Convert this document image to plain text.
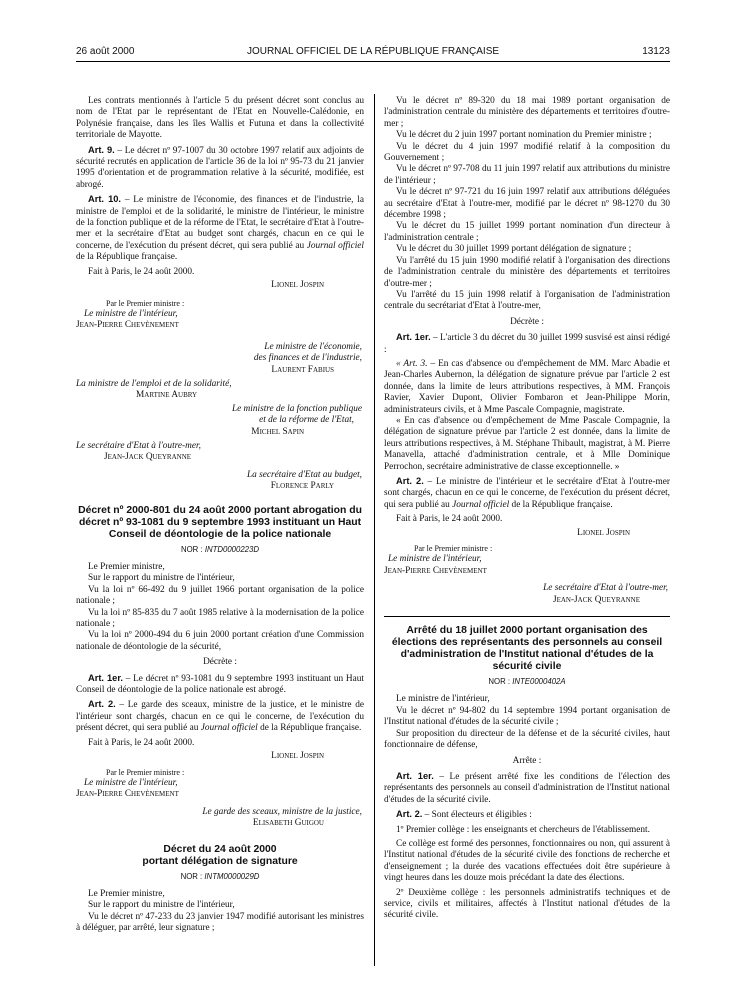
26 août 2000	JOURNAL OFFICIEL DE LA RÉPUBLIQUE FRANÇAISE	13123

Les contrats mentionnés à l'article 5 du présent décret sont conclus au nom de l'Etat par le représentant de l'Etat en Nouvelle-Calédonie, en Polynésie française, dans les îles Wallis et Futuna et dans la collectivité territoriale de Mayotte.

Art. 9. – Le décret nº 97-1007 du 30 octobre 1997 relatif aux adjoints de sécurité recrutés en application de l'article 36 de la loi nº 95-73 du 21 janvier 1995 d'orientation et de programmation relative à la sécurité, modifiée, est abrogé.

Art. 10. – Le ministre de l'économie, des finances et de l'industrie, la ministre de l'emploi et de la solidarité, le ministre de l'intérieur, le ministre de la fonction publique et de la réforme de l'Etat, le secrétaire d'Etat à l'outre-mer et la secrétaire d'Etat au budget sont chargés, chacun en ce qui le concerne, de l'exécution du présent décret, qui sera publié au Journal officiel de la République française.

Fait à Paris, le 24 août 2000.

Lionel Jospin
Par le Premier ministre :
Le ministre de l'intérieur,
Jean-Pierre Chevènement
Le ministre de l'économie,
des finances et de l'industrie,
Laurent Fabius
La ministre de l'emploi et de la solidarité,
Martine Aubry
Le ministre de la fonction publique
et de la réforme de l'Etat,
Michel Sapin
Le secrétaire d'Etat à l'outre-mer,
Jean-Jack Queyranne
La secrétaire d'Etat au budget,
Florence Parly
Décret nº 2000-801 du 24 août 2000 portant abrogation du décret nº 93-1081 du 9 septembre 1993 instituant un Haut Conseil de déontologie de la police nationale
NOR : INTD0000223D

Le Premier ministre,

Sur le rapport du ministre de l'intérieur,

Vu la loi nº 66-492 du 9 juillet 1966 portant organisation de la police nationale ;

Vu la loi nº 85-835 du 7 août 1985 relative à la modernisation de la police nationale ;

Vu la loi nº 2000-494 du 6 juin 2000 portant création d'une Commission nationale de déontologie de la sécurité,

Décrète :

Art. 1er. – Le décret nº 93-1081 du 9 septembre 1993 instituant un Haut Conseil de déontologie de la police nationale est abrogé.

Art. 2. – Le garde des sceaux, ministre de la justice, et le ministre de l'intérieur sont chargés, chacun en ce qui le concerne, de l'exécution du présent décret, qui sera publié au Journal officiel de la République française.

Fait à Paris, le 24 août 2000.

Lionel Jospin
Par le Premier ministre :
Le ministre de l'intérieur,
Jean-Pierre Chevènement
Le garde des sceaux, ministre de la justice,
Elisabeth Guigou
Décret du 24 août 2000
portant délégation de signature
NOR : INTM0000029D

Le Premier ministre,

Sur le rapport du ministre de l'intérieur,

Vu le décret nº 47-233 du 23 janvier 1947 modifié autorisant les ministres à déléguer, par arrêté, leur signature ;

Vu le décret nº 89-320 du 18 mai 1989 portant organisation de l'administration centrale du ministère des départements et territoires d'outre-mer ;

Vu le décret du 2 juin 1997 portant nomination du Premier ministre ;

Vu le décret du 4 juin 1997 modifié relatif à la composition du Gouvernement ;

Vu le décret nº 97-708 du 11 juin 1997 relatif aux attributions du ministre de l'intérieur ;

Vu le décret nº 97-721 du 16 juin 1997 relatif aux attributions déléguées au secrétaire d'Etat à l'outre-mer, modifié par le décret nº 98-1270 du 30 décembre 1998 ;

Vu le décret du 15 juillet 1999 portant nomination d'un directeur à l'administration centrale ;

Vu le décret du 30 juillet 1999 portant délégation de signature ;

Vu l'arrêté du 15 juin 1990 modifié relatif à l'organisation des directions de l'administration centrale du ministère des départements et territoires d'outre-mer ;

Vu l'arrêté du 15 juin 1998 relatif à l'organisation de l'administration centrale du secrétariat d'Etat à l'outre-mer,

Décrète :

Art. 1er. – L'article 3 du décret du 30 juillet 1999 susvisé est ainsi rédigé :

« Art. 3. – En cas d'absence ou d'empêchement de MM. Marc Abadie et Jean-Charles Aubernon, la délégation de signature prévue par l'article 2 est donnée, dans la limite de leurs attributions respectives, à MM. François Ravier, Xavier Dupont, Olivier Fombaron et Jean-Philippe Morin, administrateurs civils, et à Mme Pascale Compagnie, magistrate.

« En cas d'absence ou d'empêchement de Mme Pascale Compagnie, la délégation de signature prévue par l'article 2 est donnée, dans la limite de leurs attributions respectives, à M. Stéphane Thibault, magistrat, à M. Pierre Manavella, attaché d'administration centrale, et à Mlle Dominique Perrochon, secrétaire administrative de classe exceptionnelle. »

Art. 2. – Le ministre de l'intérieur et le secrétaire d'Etat à l'outre-mer sont chargés, chacun en ce qui le concerne, de l'exécution du présent décret, qui sera publié au Journal officiel de la République française.

Fait à Paris, le 24 août 2000.

Lionel Jospin
Par le Premier ministre :
Le ministre de l'intérieur,
Jean-Pierre Chevènement
Le secrétaire d'Etat à l'outre-mer,
Jean-Jack Queyranne
Arrêté du 18 juillet 2000 portant organisation des élections des représentants des personnels au conseil d'administration de l'Institut national d'études de la sécurité civile
NOR : INTE0000402A

Le ministre de l'intérieur,

Vu le décret nº 94-802 du 14 septembre 1994 portant organisation de l'Institut national d'études de la sécurité civile ;

Sur proposition du directeur de la défense et de la sécurité civiles, haut fonctionnaire de défense,

Arrête :

Art. 1er. – Le présent arrêté fixe les conditions de l'élection des représentants des personnels au conseil d'administration de l'Institut national d'études de la sécurité civile.

Art. 2. – Sont électeurs et éligibles :

1º Premier collège : les enseignants et chercheurs de l'établissement.

Ce collège est formé des personnes, fonctionnaires ou non, qui assurent à l'Institut national d'études de la sécurité civile des fonctions de recherche et d'enseignement ; la durée des vacations effectuées doit être supérieure à vingt heures dans les douze mois précédant la date des élections.

2º Deuxième collège : les personnels administratifs techniques et de service, civils et militaires, affectés à l'Institut national d'études de la sécurité civile.
